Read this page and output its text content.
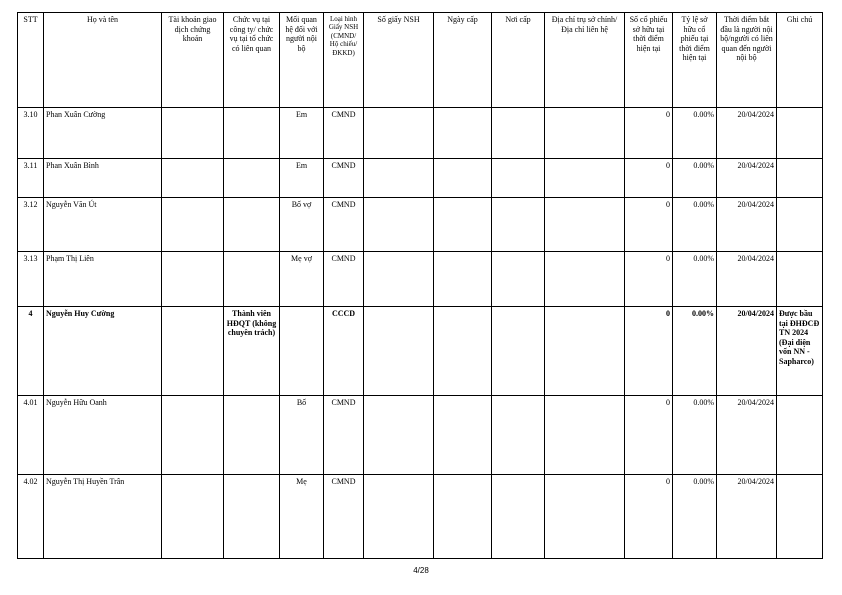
STT	Họ và tên	Tài khoản giao dịch chứng khoán	Chức vụ tại công ty/ chức vụ tại tổ chức có liên quan	Mối quan hệ đối với người nội bộ	Loại hình Giấy NSH (CMND/ Hộ chiếu/ ĐKKD)	Số giấy NSH	Ngày cấp	Nơi cấp	Địa chỉ trụ sở chính/Địa chỉ liên hệ	Số cổ phiếu sở hữu tại thời điểm hiện tại	Tỷ lệ sở hữu cổ phiếu tại thời điểm hiện tại	Thời điểm bắt đầu là người nội bộ/người có liên quan đến người nội bộ	Ghi chú
3.10	Phan Xuân Cường			Em	CMND					0	0.00%	20/04/2024	
3.11	Phan Xuân Bình			Em	CMND					0	0.00%	20/04/2024	
3.12	Nguyễn Văn Út			Bố vợ	CMND					0	0.00%	20/04/2024	
3.13	Phạm Thị Liên			Mẹ vợ	CMND					0	0.00%	20/04/2024	
4	Nguyễn Huy Cường		Thành viên HĐQT (không chuyên trách)		CCCD					0	0.00%	20/04/2024	Được bầu tại ĐHĐCĐ TN 2024 (Đại diện vốn NN - Sapharco)
4.01	Nguyễn Hữu Oanh			Bố	CMND					0	0.00%	20/04/2024	
4.02	Nguyễn Thị Huyền Trân			Mẹ	CMND					0	0.00%	20/04/2024	
4/28
